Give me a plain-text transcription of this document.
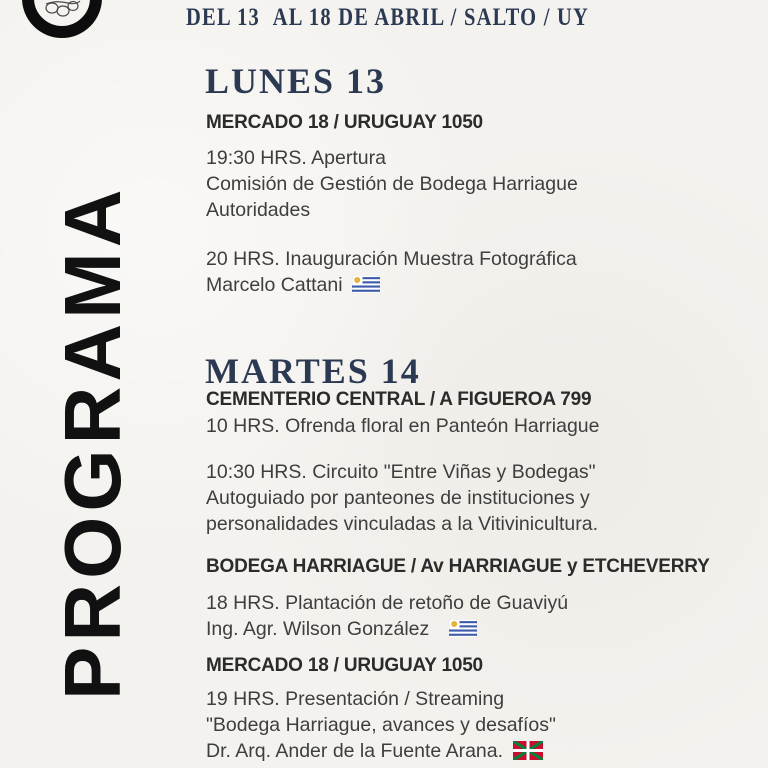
DEL 13  AL 18 DE ABRIL / SALTO / UY
PROGRAMA
LUNES 13
MERCADO 18 / URUGUAY 1050
19:30 HRS. Apertura
Comisión de Gestión de Bodega Harriague
Autoridades
20 HRS. Inauguración Muestra Fotográfica
Marcelo Cattani
MARTES 14
CEMENTERIO CENTRAL / A FIGUEROA 799
10 HRS. Ofrenda floral en Panteón Harriague
10:30 HRS. Circuito "Entre Viñas y Bodegas"
Autoguiado por panteones de instituciones y
personalidades vinculadas a la Vitivinicultura.
BODEGA HARRIAGUE / Av HARRIAGUE y ETCHEVERRY
18 HRS. Plantación de retoño de Guaviyú
Ing. Agr. Wilson González
MERCADO 18 / URUGUAY 1050
19 HRS. Presentación / Streaming
"Bodega Harriague, avances y desafíos"
Dr. Arq. Ander de la Fuente Arana.
